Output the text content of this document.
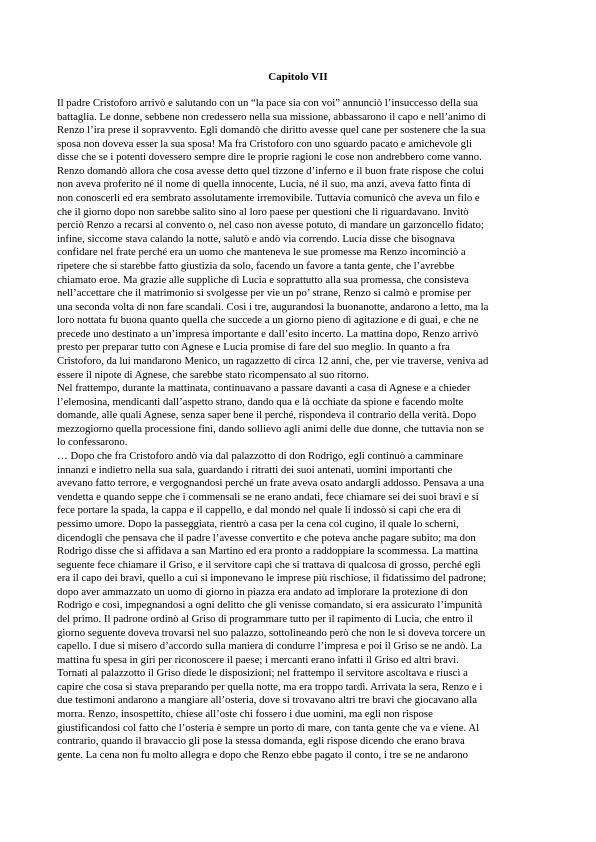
Capitolo VII

Il padre Cristoforo arrivò e salutando con un “la pace sia con voi” annunciò l’insuccesso della sua

battaglia. Le donne, sebbene non credessero nella sua missione, abbassarono il capo e nell’animo di

Renzo l’ira prese il sopravvento. Egli domandò che diritto avesse quel cane per sostenere che la sua

sposa non doveva esser la sua sposa! Ma fra Cristoforo con uno sguardo pacato e amichevole gli

disse che se i potenti dovessero sempre dire le proprie ragioni le cose non andrebbero come vanno.

Renzo domandò allora che cosa avesse detto quel tizzone d’inferno e il buon frate rispose che colui

non aveva proferito né il nome di quella innocente, Lucia, né il suo, ma anzi, aveva fatto finta di

non conoscerli ed era sembrato assolutamente irremovibile. Tuttavia comunicò che aveva un filo e

che il giorno dopo non sarebbe salito sino al loro paese per questioni che li riguardavano. Invitò

perciò Renzo a recarsi al convento o, nel caso non avesse potuto, di mandare un garzoncello fidato;

infine, siccome stava calando la notte, salutò e andò via correndo. Lucia disse che bisognava

confidare nel frate perché era un uomo che manteneva le sue promesse ma Renzo incominciò a

ripetere che si starebbe fatto giustizia da solo, facendo un favore a tanta gente, che l’avrebbe

chiamato eroe. Ma grazie alle suppliche di Lucia e soprattutto alla sua promessa, che consisteva

nell’accettare che il matrimonio si svolgesse per vie un po’ strane, Renzo si calmò e promise per

una seconda volta di non fare scandali. Così i tre, augurandosi la buonanotte, andarono a letto, ma la

loro nottata fu buona quanto quella che succede a un giorno pieno di agitazione e di guai, e che ne

precede uno destinato a un’impresa importante e dall’esito incerto. La mattina dopo, Renzo arrivò

presto per preparar tutto con Agnese e Lucia promise di fare del suo meglio. In quanto a fra

Cristoforo, da lui mandarono Menico, un ragazzetto di circa 12 anni, che, per vie traverse, veniva ad

essere il nipote di Agnese, che sarebbe stato ricompensato al suo ritorno.

Nel frattempo, durante la mattinata, continuavano a passare davanti a casa di Agnese e a chieder

l’elemosina, mendicanti dall’aspetto strano, dando qua e là occhiate da spione e facendo molte

domande, alle quali Agnese, senza saper bene il perché, rispondeva il contrario della verità. Dopo

mezzogiorno quella processione finì, dando sollievo agli animi delle due donne, che tuttavia non se

lo confessarono.

… Dopo che fra Cristoforo andò via dal palazzotto di don Rodrigo, egli continuò a camminare

innanzi e indietro nella sua sala, guardando i ritratti dei suoi antenati, uomini importanti che

avevano fatto terrore, e vergognandosi perché un frate aveva osato andargli addosso. Pensava a una

vendetta e quando seppe che i commensali se ne erano andati, fece chiamare sei dei suoi bravi e si

fece portare la spada, la cappa e il cappello, e dal mondo nel quale li indossò si capì che era di

pessimo umore. Dopo la passeggiata, rientrò a casa per la cena col cugino, il quale lo schernì,

dicendogli che pensava che il padre l’avesse convertito e che poteva anche pagare subito; ma don

Rodrigo disse che si affidava a san Martino ed era pronto a raddoppiare la scommessa. La mattina

seguente fece chiamare il Griso, e il servitore capì che si trattava di qualcosa di grosso, perché egli

era il capo dei bravi, quello a cui si imponevano le imprese più rischiose, il fidatissimo del padrone;

dopo aver ammazzato un uomo di giorno in piazza era andato ad implorare la protezione di don

Rodrigo e così, impegnandosi a ogni delitto che gli venisse comandato, si era assicurato l’impunità

del primo. Il padrone ordinò al Griso di programmare tutto per il rapimento di Lucia, che entro il

giorno seguente doveva trovarsi nel suo palazzo, sottolineando però che non le si doveva torcere un

capello. I due si misero d’accordo sulla maniera di condurre l’impresa e poi il Griso se ne andò. La

mattina fu spesa in giri per riconoscere il paese; i mercanti erano infatti il Griso ed altri bravi.

Tornati al palazzotto il Griso diede le disposizioni; nel frattempo il servitore ascoltava e riuscì a

capire che cosa si stava preparando per quella notte, ma era troppo tardi. Arrivata la sera, Renzo e i

due testimoni andarono a mangiare all’osteria, dove si trovavano altri tre bravi che giocavano alla

morra. Renzo, insospettito, chiese all’oste chi fossero i due uomini, ma egli non rispose

giustificandosi col fatto che l’osteria è sempre un porto di mare, con tanta gente che va e viene. Al

contrario, quando il bravaccio gli pose la stessa domanda, egli rispose dicendo che erano brava

gente. La cena non fu molto allegra e dopo che Renzo ebbe pagato il conto, i tre se ne andarono
